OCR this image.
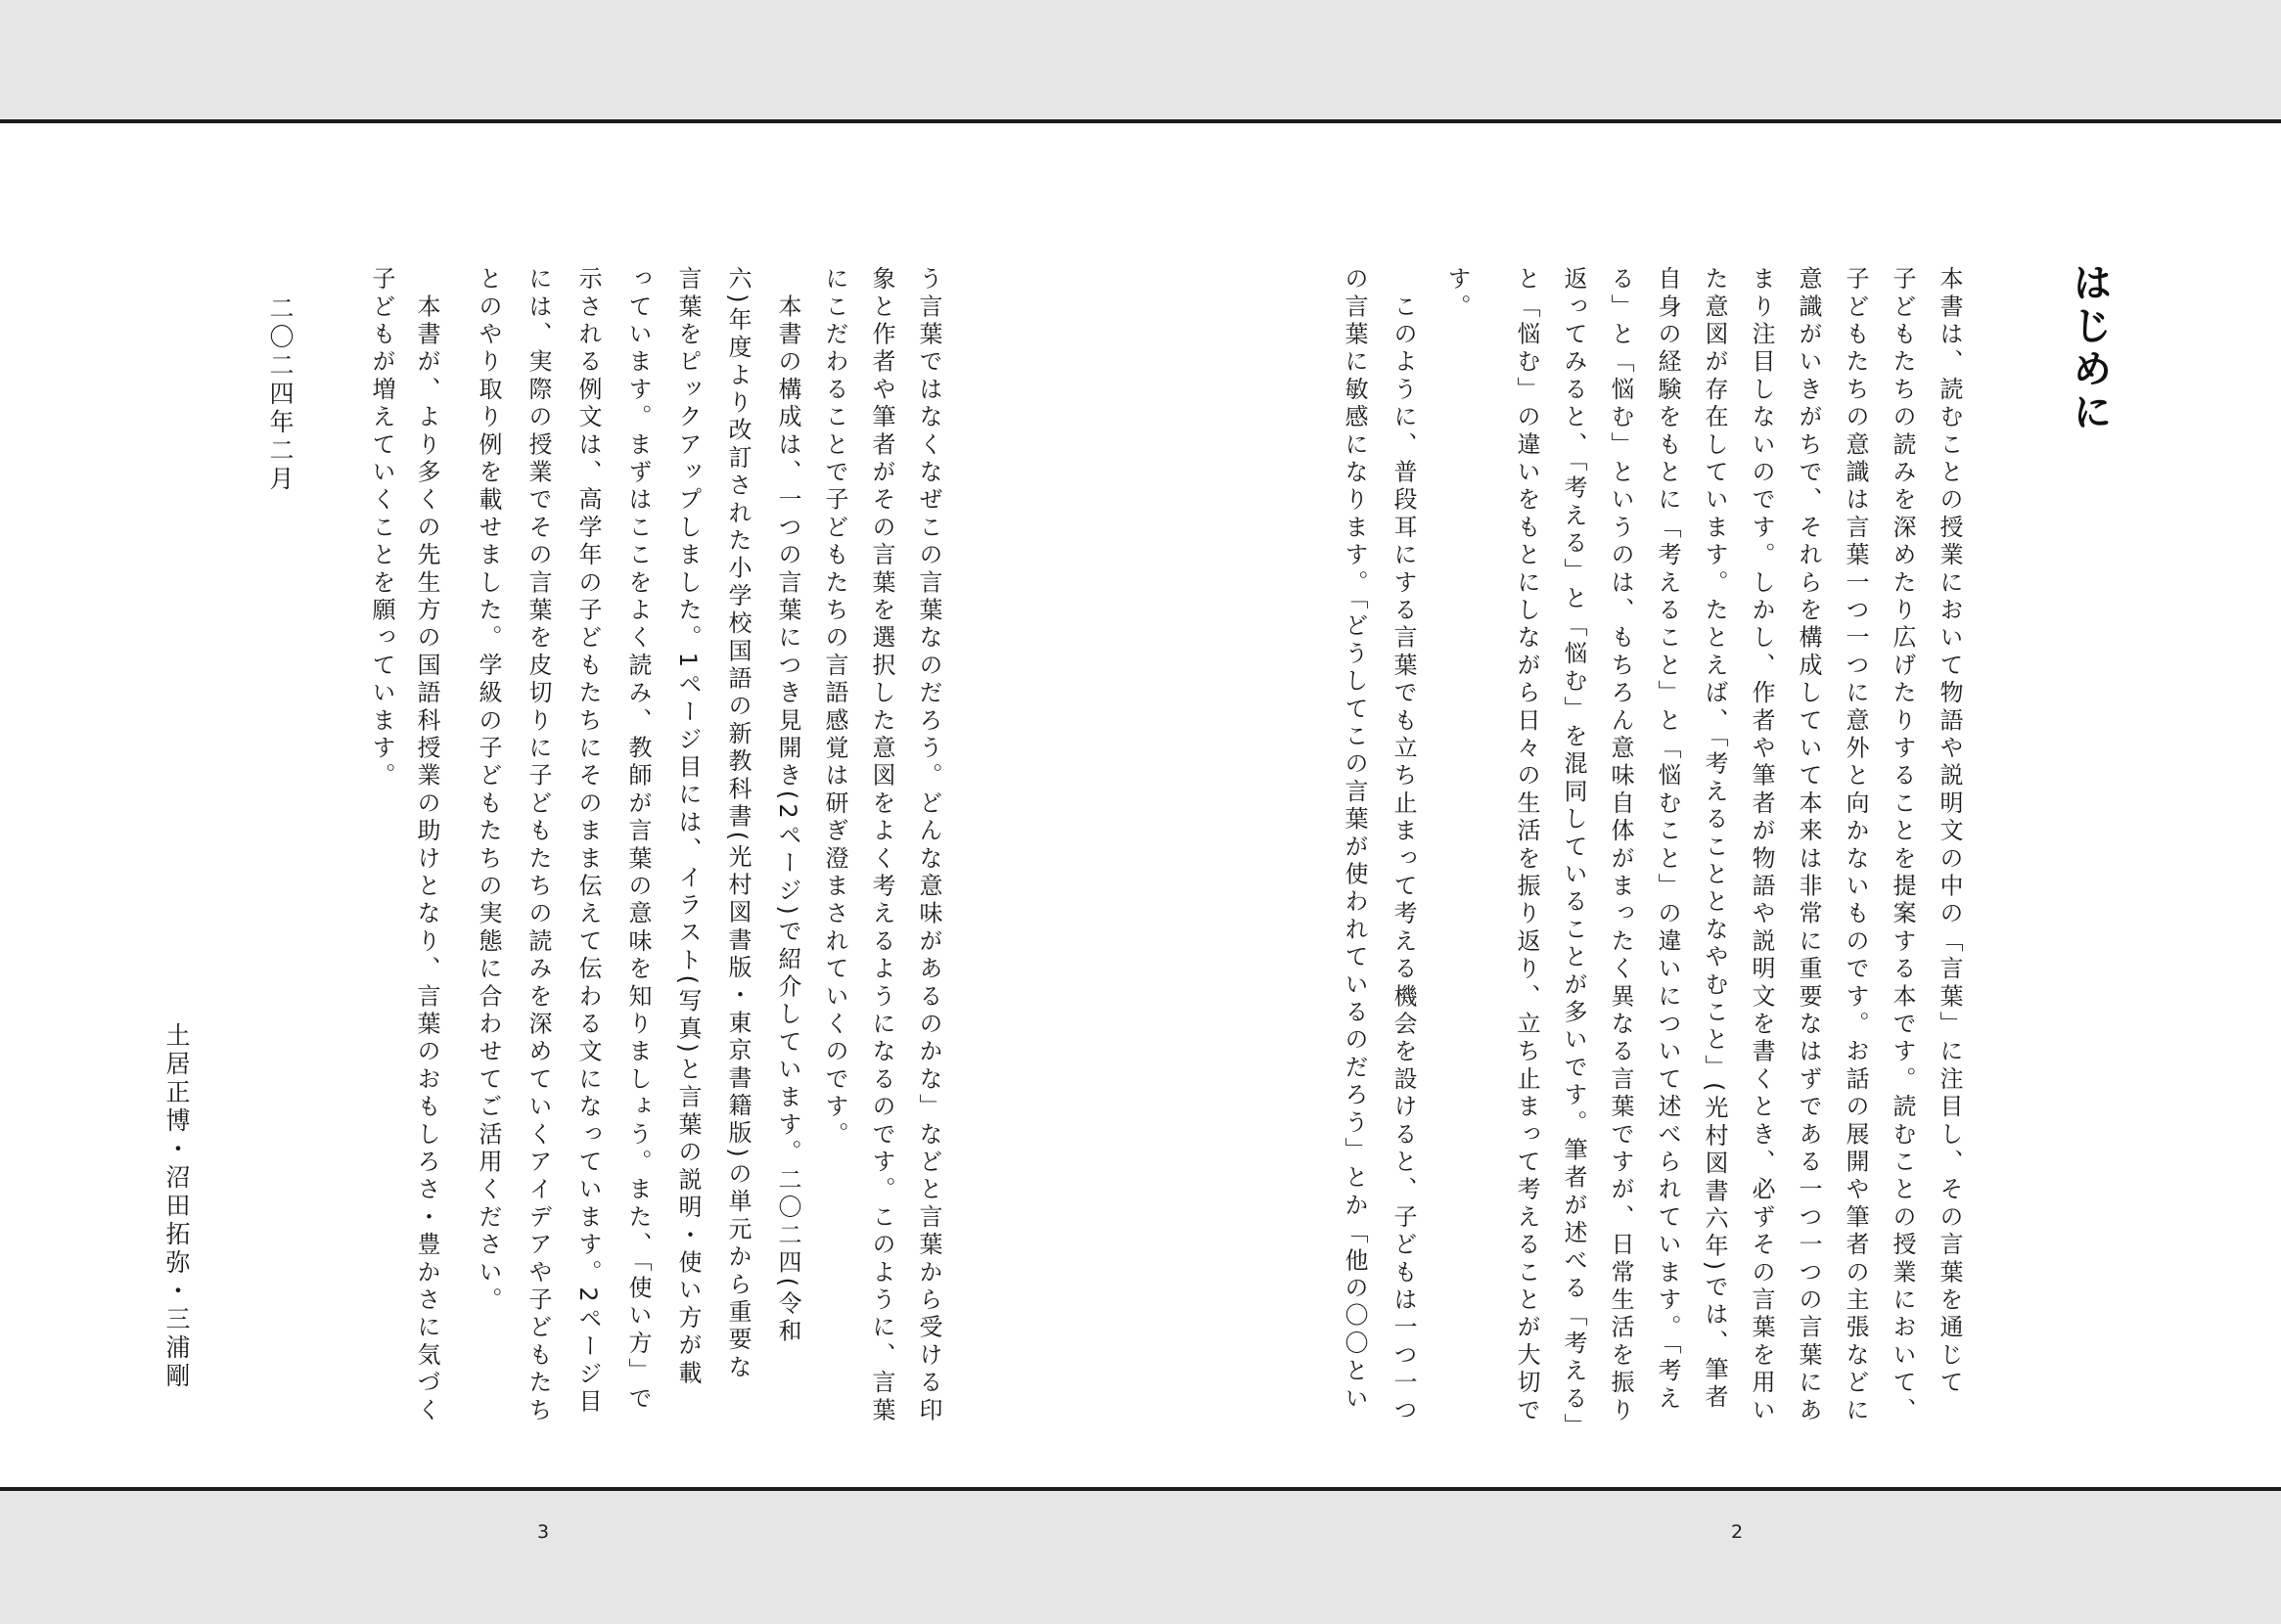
はじめに
本書は、読むことの授業において物語や説明文の中の「言葉」に注目し、その言葉を通じて
子どもたちの読みを深めたり広げたりすることを提案する本です。読むことの授業において、
子どもたちの意識は言葉一つ一つに意外と向かないものです。お話の展開や筆者の主張などに
意識がいきがちで、それらを構成していて本来は非常に重要なはずである一つ一つの言葉にあ
まり注目しないのです。しかし、作者や筆者が物語や説明文を書くとき、必ずその言葉を用い
た意図が存在しています。たとえば、「考えることとなやむこと」(光村図書六年)では、筆者
自身の経験をもとに「考えること」と「悩むこと」の違いについて述べられています。「考え
る」と「悩む」というのは、もちろん意味自体がまったく異なる言葉ですが、日常生活を振り
返ってみると、「考える」と「悩む」を混同していることが多いです。筆者が述べる「考える」
と「悩む」の違いをもとにしながら日々の生活を振り返り、立ち止まって考えることが大切で
す。
　このように、普段耳にする言葉でも立ち止まって考える機会を設けると、子どもは一つ一つ
の言葉に敏感になります。「どうしてこの言葉が使われているのだろう」とか「他の〇〇とい
2
う言葉ではなくなぜこの言葉なのだろう。どんな意味があるのかな」などと言葉から受ける印
象と作者や筆者がその言葉を選択した意図をよく考えるようになるのです。このように、言葉
にこだわることで子どもたちの言語感覚は研ぎ澄まされていくのです。
　本書の構成は、一つの言葉につき見開き(2ページ)で紹介しています。二〇二四(令和
六)年度より改訂された小学校国語の新教科書(光村図書版・東京書籍版)の単元から重要な
言葉をピックアップしました。1ページ目には、イラスト(写真)と言葉の説明・使い方が載
っています。まずはここをよく読み、教師が言葉の意味を知りましょう。また、「使い方」で
示される例文は、高学年の子どもたちにそのまま伝えて伝わる文になっています。2ページ目
には、実際の授業でその言葉を皮切りに子どもたちの読みを深めていくアイデアや子どもたち
とのやり取り例を載せました。学級の子どもたちの実態に合わせてご活用ください。
　本書が、より多くの先生方の国語科授業の助けとなり、言葉のおもしろさ・豊かさに気づく
子どもが増えていくことを願っています。
二〇二四年二月
土居正博・沼田拓弥・三浦剛
3
